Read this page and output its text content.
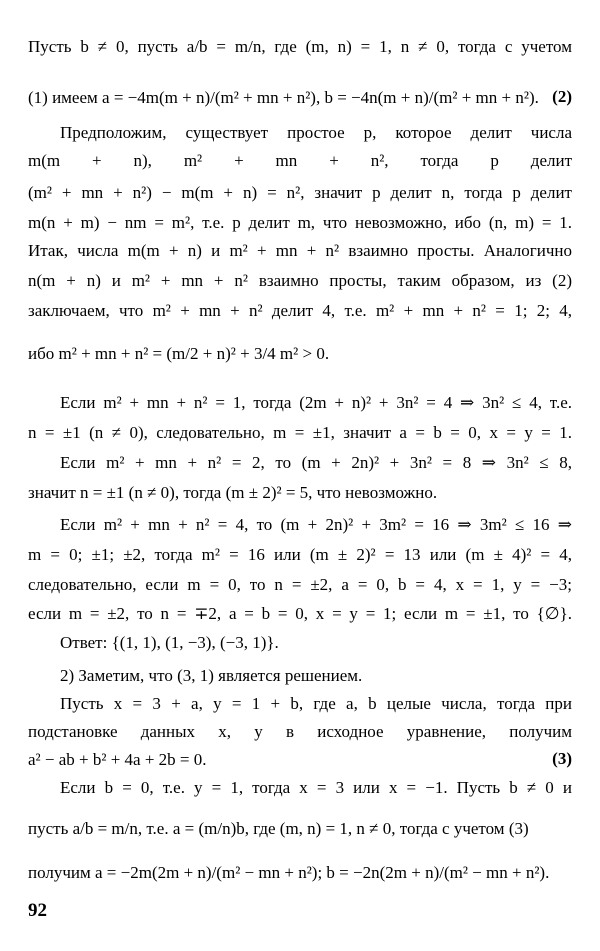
Пусть b ≠ 0, пусть a/b = m/n, где (m, n) = 1, n ≠ 0, тогда с учетом
(1) имеем a = −4m(m + n)/(m² + mn + n²), b = −4n(m + n)/(m² + mn + n²). (2)
Предположим, существует простое p, которое делит числа
m(m + n), m² + mn + n², тогда p делит
(m² + mn + n²) − m(m + n) = n², значит p делит n, тогда p делит
m(n + m) − nm = m², т.е. p делит m, что невозможно, ибо (n, m) = 1.
Итак, числа m(m + n) и m² + mn + n² взаимно просты. Аналогично
n(m + n) и m² + mn + n² взаимно просты, таким образом, из (2)
заключаем, что m² + mn + n² делит 4, т.е. m² + mn + n² = 1; 2; 4,
ибо m² + mn + n² = (m/2 + n)² + 3/4 m² > 0.
Если m² + mn + n² = 1, тогда (2m + n)² + 3n² = 4 ⇒ 3n² ≤ 4, т.е.
n = ±1 (n ≠ 0), следовательно, m = ±1, значит a = b = 0, x = y = 1.
Если m² + mn + n² = 2, то (m + 2n)² + 3n² = 8 ⇒ 3n² ≤ 8,
значит n = ±1 (n ≠ 0), тогда (m ± 2)² = 5, что невозможно.
Если m² + mn + n² = 4, то (m + 2n)² + 3m² = 16 ⇒ 3m² ≤ 16 ⇒
m = 0; ±1; ±2, тогда m² = 16 или (m ± 2)² = 13 или (m ± 4)² = 4,
следовательно, если m = 0, то n = ±2, a = 0, b = 4, x = 1, y = −3;
если m = ±2, то n = ∓2, a = b = 0, x = y = 1; если m = ±1, то {∅}.
Ответ: {(1, 1), (1, −3), (−3, 1)}.
2) Заметим, что (3, 1) является решением.
Пусть x = 3 + a, y = 1 + b, где a, b целые числа, тогда при
подстановке данных x, y в исходное уравнение, получим
a² − ab + b² + 4a + 2b = 0.	(3)
Если b = 0, т.е. y = 1, тогда x = 3 или x = −1. Пусть b ≠ 0 и
пусть a/b = m/n, т.е. a = (m/n)b, где (m, n) = 1, n ≠ 0, тогда с учетом (3)
получим a = −2m(2m + n)/(m² − mn + n²); b = −2n(2m + n)/(m² − mn + n²).
92
